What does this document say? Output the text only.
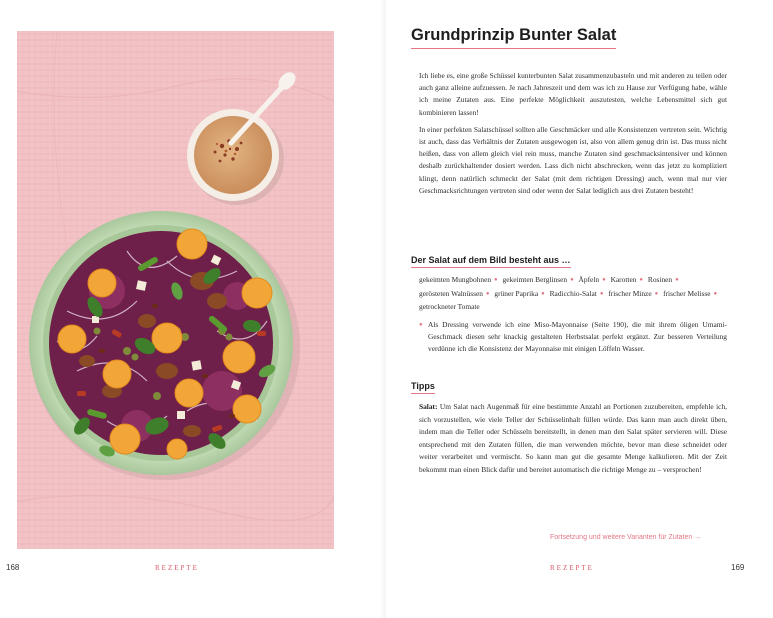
168	REZEPTE
Grundprinzip Bunter Salat

Ich liebe es, eine große Schüssel kunterbunten Salat zusammenzubasteln und mit anderen zu teilen oder auch ganz alleine aufzuessen. Je nach Jahreszeit und dem was ich zu Hause zur Verfügung habe, wähle ich meine Zutaten aus. Eine perfekte Möglichkeit auszutesten, welche Lebensmittel sich gut kombinieren lassen!

In einer perfekten Salatschüssel sollten alle Geschmäcker und alle Konsistenzen vertreten sein. Wichtig ist auch, dass das Verhältnis der Zutaten ausgewogen ist, also von allem genug drin ist. Das muss nicht heißen, dass von allem gleich viel rein muss, manche Zutaten sind geschmacksintensiver und können deshalb zurückhaltender dosiert werden. Lass dich nicht abschrecken, wenn das jetzt zu kompliziert klingt, denn natürlich schmeckt der Salat (mit dem richtigen Dressing) auch, wenn mal nur vier Geschmacksrichtungen vertreten sind oder wenn der Salat lediglich aus drei Zutaten besteht!

Der Salat auf dem Bild besteht aus …
gekeimten Mungbohnen ● gekeimten Berglinsen ● Äpfeln ● Karotten ● Rosinen ● gerösteten Walnüssen ● grüner Paprika ● Radicchio-Salat ● frischer Minze ● frischer Melisse ● getrockneter Tomate
● Als Dressing verwende ich eine Miso-Mayonnaise (Seite 190), die mit ihrem öligen Umami-Geschmack diesen sehr knackig gestalteten Herbstsalat perfekt ergänzt. Zur besseren Verteilung verdünne ich die Konsistenz der Mayonnaise mit einigen Löffeln Wasser.
Tipps
Salat: Um Salat nach Augenmaß für eine bestimmte Anzahl an Portionen zuzubereiten, empfehle ich, sich vorzustellen, wie viele Teller der Schüsselinhalt füllen würde. Das kann man auch direkt üben, indem man die Teller oder Schüsseln bereitstellt, in denen man den Salat später servieren will. Diese entsprechend mit den Zutaten füllen, die man verwenden möchte, bevor man diese schneidet oder weiter verarbeitet und vermischt. So kann man gut die gesamte Menge kalkulieren. Mit der Zeit bekommt man einen Blick dafür und bereitet automatisch die richtige Menge zu – versprochen!
Fortsetzung und weitere Varianten für Zutaten →
REZEPTE	169
